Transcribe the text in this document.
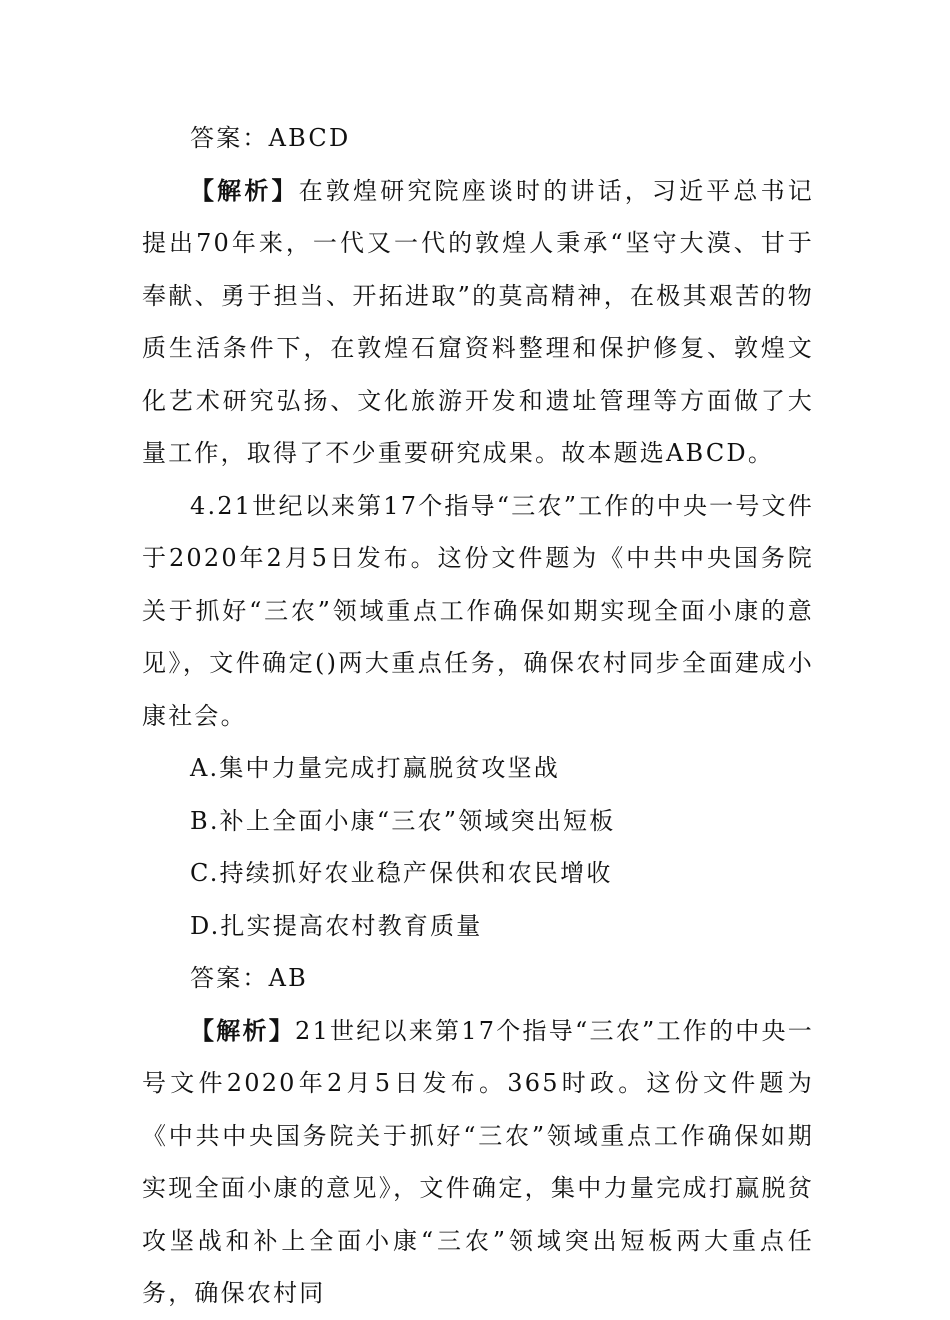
答案：ABCD

【解析】在敦煌研究院座谈时的讲话，习近平总书记提出70年来，一代又一代的敦煌人秉承“坚守大漠、甘于奉献、勇于担当、开拓进取”的莫高精神，在极其艰苦的物质生活条件下，在敦煌石窟资料整理和保护修复、敦煌文化艺术研究弘扬、文化旅游开发和遗址管理等方面做了大量工作，取得了不少重要研究成果。故本题选ABCD。

4.21世纪以来第17个指导“三农”工作的中央一号文件于2020年2月5日发布。这份文件题为《中共中央国务院关于抓好“三农”领域重点工作确保如期实现全面小康的意见》，文件确定()两大重点任务，确保农村同步全面建成小康社会。

A.集中力量完成打赢脱贫攻坚战

B.补上全面小康“三农”领域突出短板

C.持续抓好农业稳产保供和农民增收

D.扎实提高农村教育质量

答案：AB

【解析】21世纪以来第17个指导“三农”工作的中央一号文件2020年2月5日发布。365时政。这份文件题为《中共中央国务院关于抓好“三农”领域重点工作确保如期实现全面小康的意见》，文件确定，集中力量完成打赢脱贫攻坚战和补上全面小康“三农”领域突出短板两大重点任务，确保农村同
